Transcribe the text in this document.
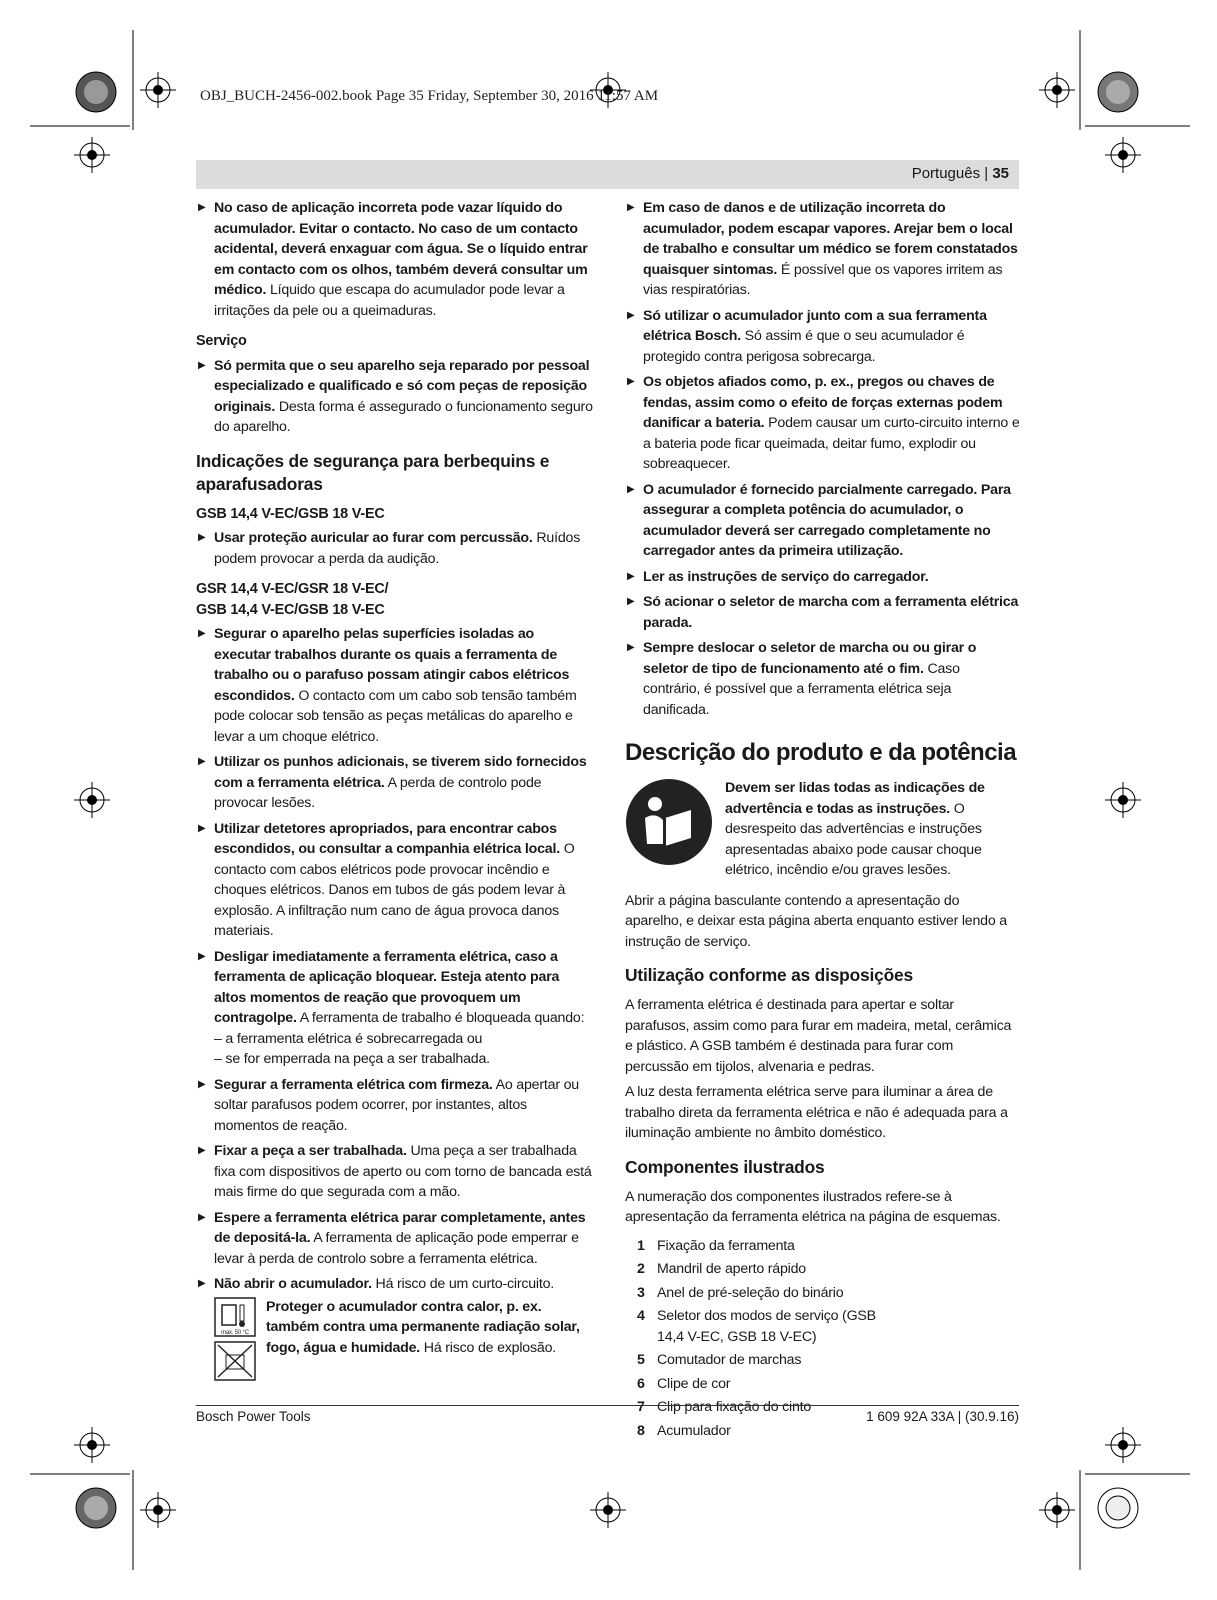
OBJ_BUCH-2456-002.book Page 35 Friday, September 30, 2016 11:57 AM
Português | 35
▶ No caso de aplicação incorreta pode vazar líquido do acumulador. Evitar o contacto. No caso de um contacto acidental, deverá enxaguar com água. Se o líquido entrar em contacto com os olhos, também deverá consultar um médico. Líquido que escapa do acumulador pode levar a irritações da pele ou a queimaduras.
Serviço
▶ Só permita que o seu aparelho seja reparado por pessoal especializado e qualificado e só com peças de reposição originais. Desta forma é assegurado o funcionamento seguro do aparelho.
Indicações de segurança para berbequins e aparafusadoras
GSB 14,4 V-EC/GSB 18 V-EC
▶ Usar proteção auricular ao furar com percussão. Ruídos podem provocar a perda da audição.
GSR 14,4 V-EC/GSR 18 V-EC/
GSB 14,4 V-EC/GSB 18 V-EC
▶ Segurar o aparelho pelas superfícies isoladas ao executar trabalhos durante os quais a ferramenta de trabalho ou o parafuso possam atingir cabos elétricos escondidos. O contacto com um cabo sob tensão também pode colocar sob tensão as peças metálicas do aparelho e levar a um choque elétrico.
▶ Utilizar os punhos adicionais, se tiverem sido fornecidos com a ferramenta elétrica. A perda de controlo pode provocar lesões.
▶ Utilizar detetores apropriados, para encontrar cabos escondidos, ou consultar a companhia elétrica local. O contacto com cabos elétricos pode provocar incêndio e choques elétricos. Danos em tubos de gás podem levar à explosão. A infiltração num cano de água provoca danos materiais.
▶ Desligar imediatamente a ferramenta elétrica, caso a ferramenta de aplicação bloquear. Esteja atento para altos momentos de reação que provoquem um contragolpe. A ferramenta de trabalho é bloqueada quando:
– a ferramenta elétrica é sobrecarregada ou
– se for emperrada na peça a ser trabalhada.
▶ Segurar a ferramenta elétrica com firmeza. Ao apertar ou soltar parafusos podem ocorrer, por instantes, altos momentos de reação.
▶ Fixar a peça a ser trabalhada. Uma peça a ser trabalhada fixa com dispositivos de aperto ou com torno de bancada está mais firme do que segurada com a mão.
▶ Espere a ferramenta elétrica parar completamente, antes de depositá-la. A ferramenta de aplicação pode emperrar e levar à perda de controlo sobre a ferramenta elétrica.
▶ Não abrir o acumulador. Há risco de um curto-circuito.
max. 50 °C
Proteger o acumulador contra calor, p. ex. também contra uma permanente radiação solar, fogo, água e humidade. Há risco de explosão.
▶ Em caso de danos e de utilização incorreta do acumulador, podem escapar vapores. Arejar bem o local de trabalho e consultar um médico se forem constatados quaisquer sintomas. É possível que os vapores irritem as vias respiratórias.
▶ Só utilizar o acumulador junto com a sua ferramenta elétrica Bosch. Só assim é que o seu acumulador é protegido contra perigosa sobrecarga.
▶ Os objetos afiados como, p. ex., pregos ou chaves de fendas, assim como o efeito de forças externas podem danificar a bateria. Podem causar um curto-circuito interno e a bateria pode ficar queimada, deitar fumo, explodir ou sobreaquecer.
▶ O acumulador é fornecido parcialmente carregado. Para assegurar a completa potência do acumulador, o acumulador deverá ser carregado completamente no carregador antes da primeira utilização.
▶ Ler as instruções de serviço do carregador.
▶ Só acionar o seletor de marcha com a ferramenta elétrica parada.
▶ Sempre deslocar o seletor de marcha ou ou girar o seletor de tipo de funcionamento até o fim. Caso contrário, é possível que a ferramenta elétrica seja danificada.
Descrição do produto e da potência
Devem ser lidas todas as indicações de advertência e todas as instruções. O desrespeito das advertências e instruções apresentadas abaixo pode causar choque elétrico, incêndio e/ou graves lesões.
Abrir a página basculante contendo a apresentação do aparelho, e deixar esta página aberta enquanto estiver lendo a instrução de serviço.
Utilização conforme as disposições
A ferramenta elétrica é destinada para apertar e soltar parafusos, assim como para furar em madeira, metal, cerâmica e plástico. A GSB também é destinada para furar com percussão em tijolos, alvenaria e pedras.
A luz desta ferramenta elétrica serve para iluminar a área de trabalho direta da ferramenta elétrica e não é adequada para a iluminação ambiente no âmbito doméstico.
Componentes ilustrados
A numeração dos componentes ilustrados refere-se à apresentação da ferramenta elétrica na página de esquemas.
1 Fixação da ferramenta
2 Mandril de aperto rápido
3 Anel de pré-seleção do binário
4 Seletor dos modos de serviço (GSB 14,4 V-EC, GSB 18 V-EC)
5 Comutador de marchas
6 Clipe de cor
7 Clip para fixação do cinto
8 Acumulador
Bosch Power Tools	1 609 92A 33A | (30.9.16)
